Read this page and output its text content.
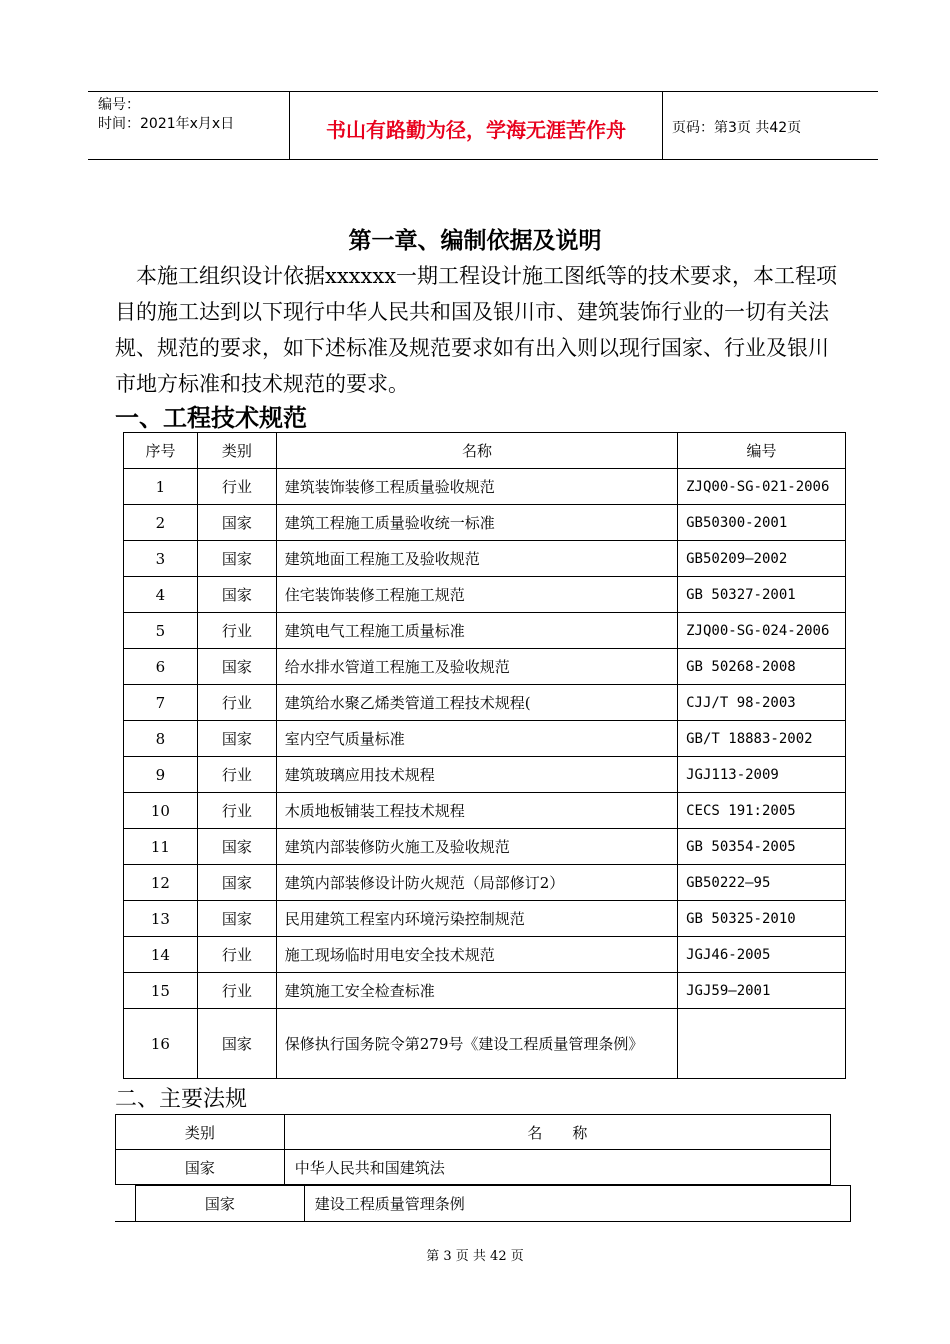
编号：
时间：2021年x月x日	书山有路勤为径，学海无涯苦作舟	页码：第3页 共42页
第一章、编制依据及说明
本施工组织设计依据xxxxxx一期工程设计施工图纸等的技术要求，本工程项目的施工达到以下现行中华人民共和国及银川市、建筑装饰行业的一切有关法规、规范的要求，如下述标准及规范要求如有出入则以现行国家、行业及银川市地方标准和技术规范的要求。
一、工程技术规范
序号	类别	名称	编号
1	行业	建筑装饰装修工程质量验收规范	ZJQ00-SG-021-2006
2	国家	建筑工程施工质量验收统一标准	GB50300-2001
3	国家	建筑地面工程施工及验收规范	GB50209—2002
4	国家	住宅装饰装修工程施工规范	GB 50327-2001
5	行业	建筑电气工程施工质量标准	ZJQ00-SG-024-2006
6	国家	给水排水管道工程施工及验收规范	GB 50268-2008
7	行业	建筑给水聚乙烯类管道工程技术规程(	CJJ/T 98-2003
8	国家	室内空气质量标准	GB/T 18883-2002
9	行业	建筑玻璃应用技术规程	JGJ113-2009
10	行业	木质地板铺装工程技术规程	CECS 191:2005
11	国家	建筑内部装修防火施工及验收规范	GB 50354-2005
12	国家	建筑内部装修设计防火规范（局部修订2）	GB50222—95
13	国家	民用建筑工程室内环境污染控制规范	GB 50325-2010
14	行业	施工现场临时用电安全技术规范	JGJ46-2005
15	行业	建筑施工安全检查标准	JGJ59—2001
16	国家	保修执行国务院令第279号《建设工程质量管理条例》	
二、主要法规
类别	名　　称
国家	中华人民共和国建筑法
国家	建设工程质量管理条例
第 3 页 共 42 页
